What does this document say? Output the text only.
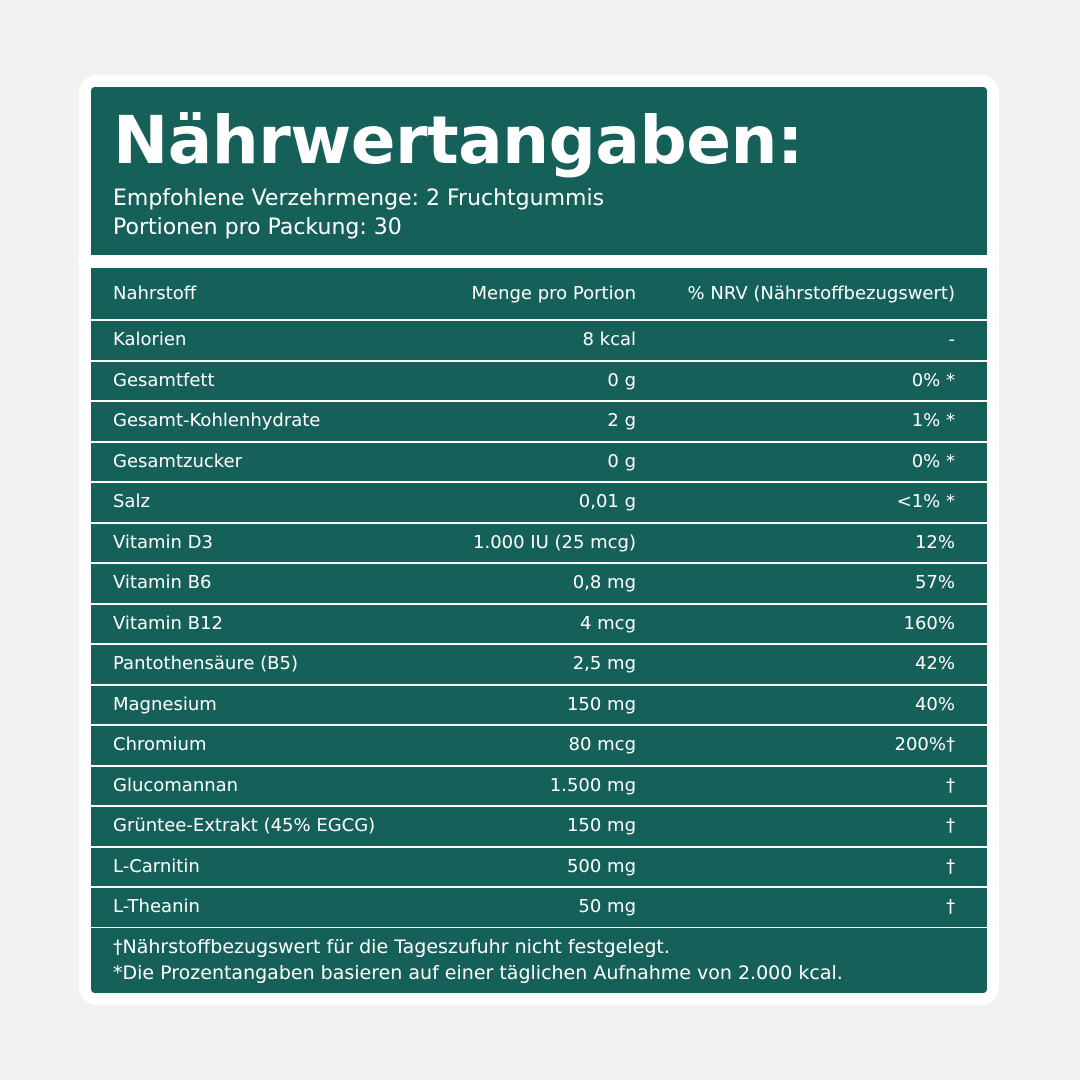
Nährwertangaben:
Empfohlene Verzehrmenge: 2 Fruchtgummis
Portionen pro Packung: 30
Nahrstoff	Menge pro Portion	% NRV (Nährstoffbezugswert)
Kalorien	8 kcal	-
Gesamtfett	0 g	0% *
Gesamt-Kohlenhydrate	2 g	1% *
Gesamtzucker	0 g	0% *
Salz	0,01 g	<1% *
Vitamin D3	1.000 IU (25 mcg)	12%
Vitamin B6	0,8 mg	57%
Vitamin B12	4 mcg	160%
Pantothensäure (B5)	2,5 mg	42%
Magnesium	150 mg	40%
Chromium	80 mcg	200%†
Glucomannan	1.500 mg	†
Grüntee-Extrakt (45% EGCG)	150 mg	†
L-Carnitin	500 mg	†
L-Theanin	50 mg	†
†Nährstoffbezugswert für die Tageszufuhr nicht festgelegt.
*Die Prozentangaben basieren auf einer täglichen Aufnahme von 2.000 kcal.
